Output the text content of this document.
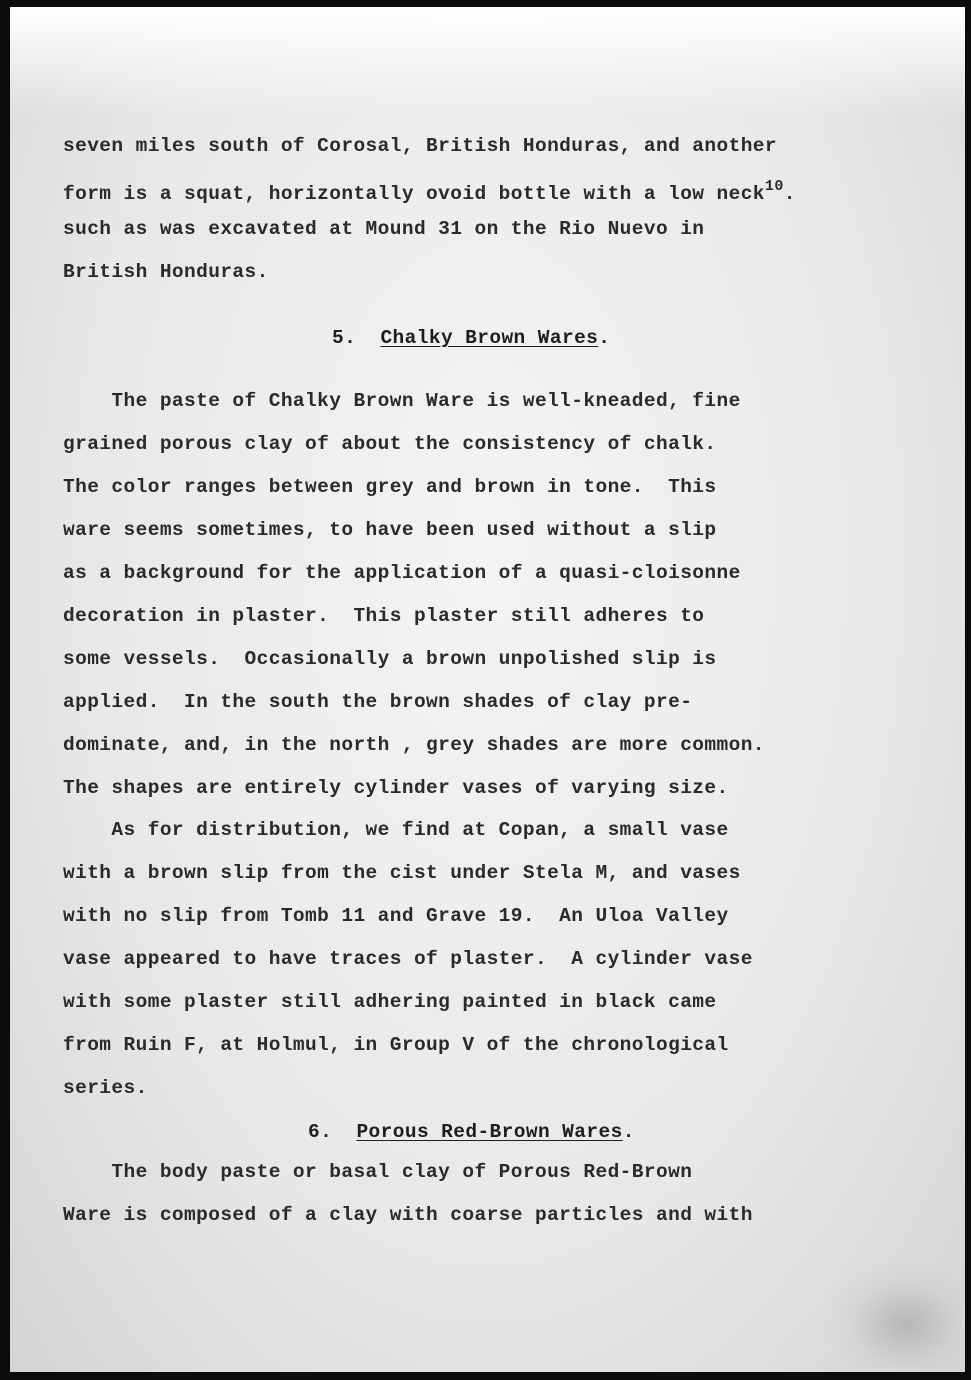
seven miles south of Corosal, British Honduras, and another

form is a squat, horizontally ovoid bottle with a low neck$^{10}$.

such as was excavated at Mound 31 on the Rio Nuevo in

British Honduras.

5. Chalky Brown Wares.

The paste of Chalky Brown Ware is well-kneaded, fine

grained porous clay of about the consistency of chalk.

The color ranges between grey and brown in tone.  This

ware seems sometimes, to have been used without a slip

as a background for the application of a quasi-cloisonne

decoration in plaster.  This plaster still adheres to

some vessels.  Occasionally a brown unpolished slip is

applied.  In the south the brown shades of clay pre-

dominate, and, in the north , grey shades are more common.

The shapes are entirely cylinder vases of varying size.

As for distribution, we find at Copan, a small vase

with a brown slip from the cist under Stela M, and vases

with no slip from Tomb 11 and Grave 19.  An Uloa Valley

vase appeared to have traces of plaster.  A cylinder vase

with some plaster still adhering painted in black came

from Ruin F, at Holmul, in Group V of the chronological

series.

6. Porous Red-Brown Wares.

The body paste or basal clay of Porous Red-Brown

Ware is composed of a clay with coarse particles and with
